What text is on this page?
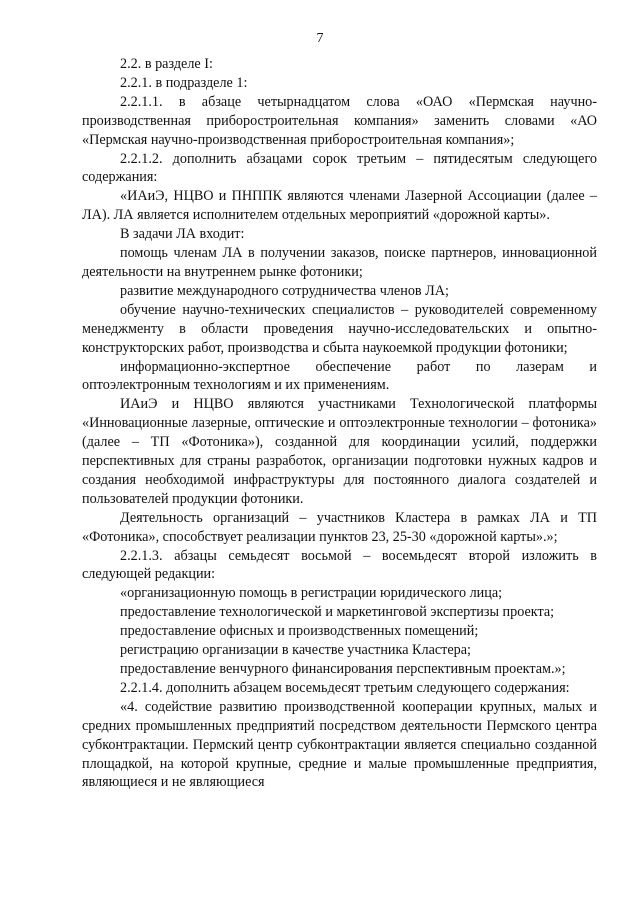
7

2.2. в разделе I:

2.2.1. в подразделе 1:

2.2.1.1. в абзаце четырнадцатом слова «ОАО «Пермская научно-производственная приборостроительная компания» заменить словами «АО «Пермская научно-производственная приборостроительная компания»;

2.2.1.2. дополнить абзацами сорок третьим – пятидесятым следующего содержания:

«ИАиЭ, НЦВО и ПНППК являются членами Лазерной Ассоциации (далее – ЛА). ЛА является исполнителем отдельных мероприятий «дорожной карты».

В задачи ЛА входит:

помощь членам ЛА в получении заказов, поиске партнеров, инновационной деятельности на внутреннем рынке фотоники;

развитие международного сотрудничества членов ЛА;

обучение научно-технических специалистов – руководителей современному менеджменту в области проведения научно-исследовательских и опытно-конструкторских работ, производства и сбыта наукоемкой продукции фотоники;

информационно-экспертное обеспечение работ по лазерам и оптоэлектронным технологиям и их применениям.

ИАиЭ и НЦВО являются участниками Технологической платформы «Инновационные лазерные, оптические и оптоэлектронные технологии – фотоника» (далее – ТП «Фотоника»), созданной для координации усилий, поддержки перспективных для страны разработок, организации подготовки нужных кадров и создания необходимой инфраструктуры для постоянного диалога создателей и пользователей продукции фотоники.

Деятельность организаций – участников Кластера в рамках ЛА и ТП «Фотоника», способствует реализации пунктов 23, 25-30 «дорожной карты».»;

2.2.1.3. абзацы семьдесят восьмой – восемьдесят второй изложить в следующей редакции:

«организационную помощь в регистрации юридического лица;

предоставление технологической и маркетинговой экспертизы проекта;

предоставление офисных и производственных помещений;

регистрацию организации в качестве участника Кластера;

предоставление венчурного финансирования перспективным проектам.»;

2.2.1.4. дополнить абзацем восемьдесят третьим следующего содержания:

«4. содействие развитию производственной кооперации крупных, малых и средних промышленных предприятий посредством деятельности Пермского центра субконтрактации. Пермский центр субконтрактации является специально созданной площадкой, на которой крупные, средние и малые промышленные предприятия, являющиеся и не являющиеся
